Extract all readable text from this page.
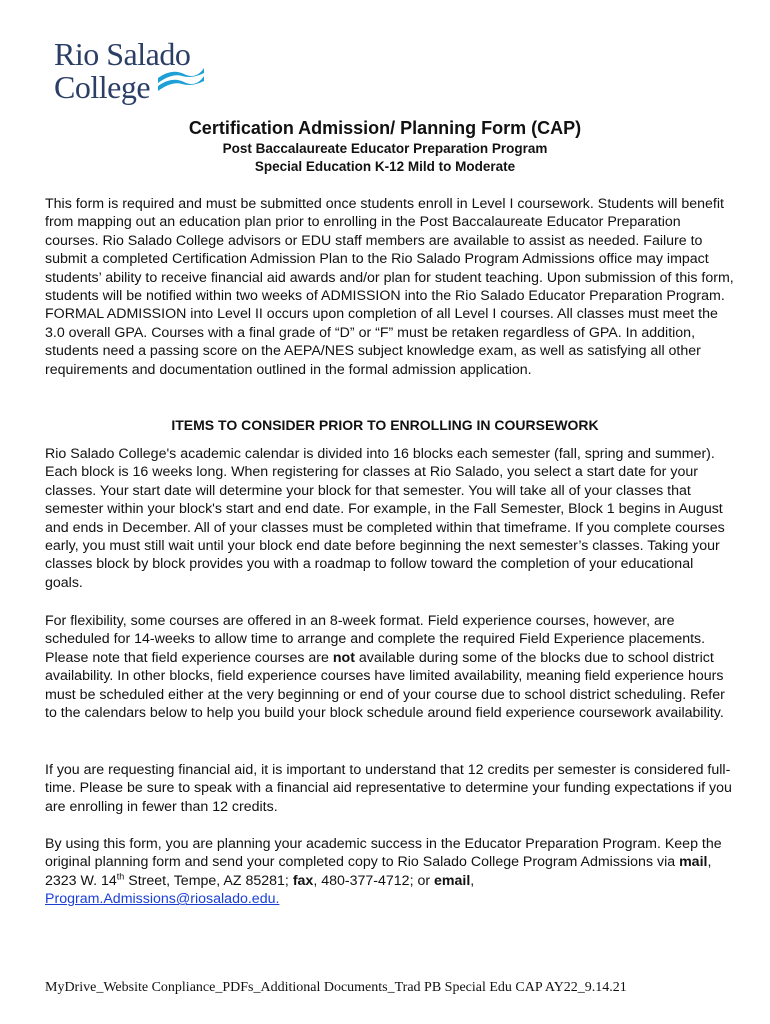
Rio Salado
College
Certification Admission/ Planning Form (CAP)
Post Baccalaureate Educator Preparation Program
Special Education K-12 Mild to Moderate

This form is required and must be submitted once students enroll in Level I coursework. Students will benefit from mapping out an education plan prior to enrolling in the Post Baccalaureate Educator Preparation courses. Rio Salado College advisors or EDU staff members are available to assist as needed. Failure to submit a completed Certification Admission Plan to the Rio Salado Program Admissions office may impact students’ ability to receive financial aid awards and/or plan for student teaching. Upon submission of this form, students will be notified within two weeks of ADMISSION into the Rio Salado Educator Preparation Program. FORMAL ADMISSION into Level II occurs upon completion of all Level I courses. All classes must meet the 3.0 overall GPA. Courses with a final grade of “D” or “F” must be retaken regardless of GPA. In addition, students need a passing score on the AEPA/NES subject knowledge exam, as well as satisfying all other requirements and documentation outlined in the formal admission application.

ITEMS TO CONSIDER PRIOR TO ENROLLING IN COURSEWORK

Rio Salado College's academic calendar is divided into 16 blocks each semester (fall, spring and summer). Each block is 16 weeks long. When registering for classes at Rio Salado, you select a start date for your classes. Your start date will determine your block for that semester. You will take all of your classes that semester within your block's start and end date. For example, in the Fall Semester, Block 1 begins in August and ends in December. All of your classes must be completed within that timeframe. If you complete courses early, you must still wait until your block end date before beginning the next semester’s classes. Taking your classes block by block provides you with a roadmap to follow toward the completion of your educational goals.

For flexibility, some courses are offered in an 8-week format. Field experience courses, however, are scheduled for 14-weeks to allow time to arrange and complete the required Field Experience placements. Please note that field experience courses are not available during some of the blocks due to school district availability. In other blocks, field experience courses have limited availability, meaning field experience hours must be scheduled either at the very beginning or end of your course due to school district scheduling. Refer to the calendars below to help you build your block schedule around field experience coursework availability.

If you are requesting financial aid, it is important to understand that 12 credits per semester is considered full-time. Please be sure to speak with a financial aid representative to determine your funding expectations if you are enrolling in fewer than 12 credits.

By using this form, you are planning your academic success in the Educator Preparation Program. Keep the original planning form and send your completed copy to Rio Salado College Program Admissions via mail, 2323 W. 14th Street, Tempe, AZ 85281; fax, 480-377-4712; or email,
Program.Admissions@riosalado.edu.

MyDrive_Website Conpliance_PDFs_Additional Documents_Trad PB Special Edu CAP AY22_9.14.21
